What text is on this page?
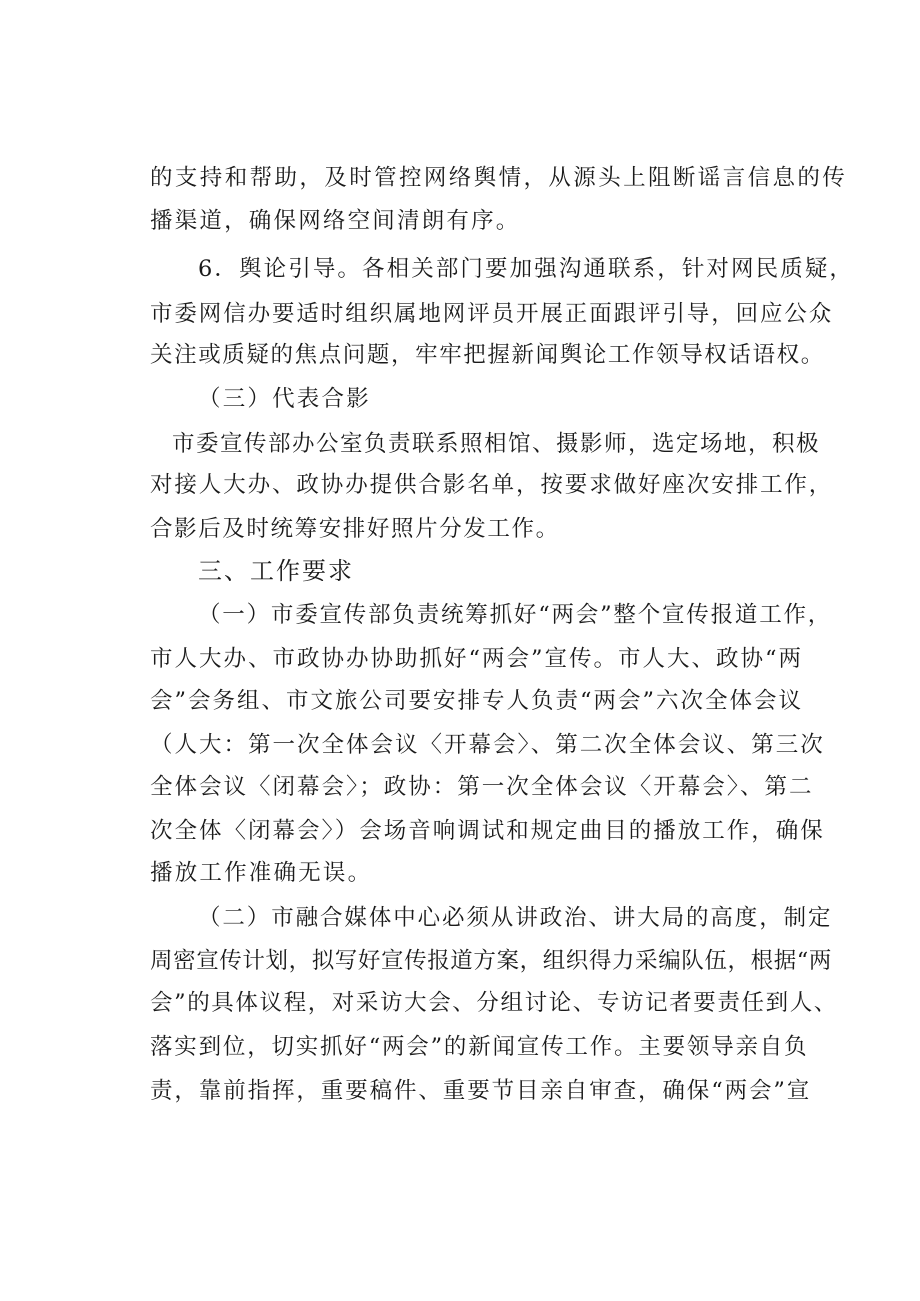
的支持和帮助，及时管控网络舆情，从源头上阻断谣言信息的传
播渠道，确保网络空间清朗有序。
6．舆论引导。各相关部门要加强沟通联系，针对网民质疑，
市委网信办要适时组织属地网评员开展正面跟评引导，回应公众
关注或质疑的焦点问题，牢牢把握新闻舆论工作领导权话语权。
（三）代表合影
市委宣传部办公室负责联系照相馆、摄影师，选定场地，积极
对接人大办、政协办提供合影名单，按要求做好座次安排工作，
合影后及时统筹安排好照片分发工作。
三、工作要求
（一）市委宣传部负责统筹抓好“两会”整个宣传报道工作，
市人大办、市政协办协助抓好“两会”宣传。市人大、政协“两
会”会务组、市文旅公司要安排专人负责“两会”六次全体会议
（人大：第一次全体会议〈开幕会〉、第二次全体会议、第三次
全体会议〈闭幕会〉；政协：第一次全体会议〈开幕会〉、第二
次全体〈闭幕会〉）会场音响调试和规定曲目的播放工作，确保
播放工作准确无误。
（二）市融合媒体中心必须从讲政治、讲大局的高度，制定
周密宣传计划，拟写好宣传报道方案，组织得力采编队伍，根据“两
会”的具体议程，对采访大会、分组讨论、专访记者要责任到人、
落实到位，切实抓好“两会”的新闻宣传工作。主要领导亲自负
责，靠前指挥，重要稿件、重要节目亲自审查，确保“两会”宣
